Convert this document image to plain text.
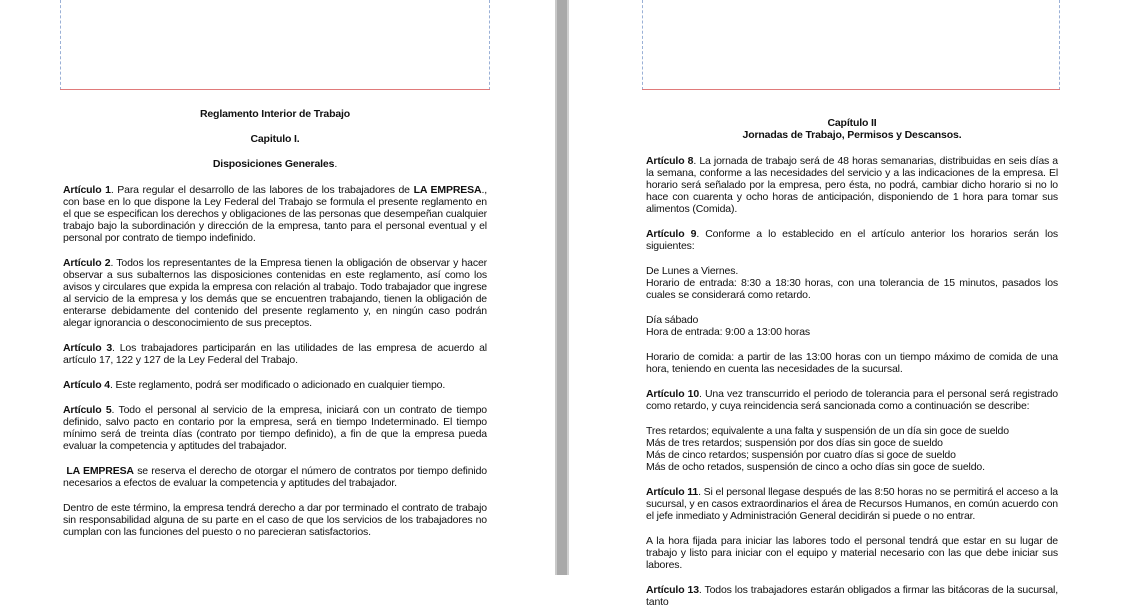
Reglamento Interior de Trabajo
Capitulo I.
Disposiciones Generales.

Artículo 1. Para regular el desarrollo de las labores de los trabajadores de LA EMPRESA., con base en lo que dispone la Ley Federal del Trabajo se formula el presente reglamento en el que se especifican los derechos y obligaciones de las personas que desempeñan cualquier trabajo bajo la subordinación y dirección de la empresa, tanto para el personal eventual y el personal por contrato de tiempo indefinido.

Artículo 2. Todos los representantes de la Empresa tienen la obligación de observar y hacer observar a sus subalternos las disposiciones contenidas en este reglamento, así como los avisos y circulares que expida la empresa con relación al trabajo. Todo trabajador que ingrese al servicio de la empresa y los demás que se encuentren trabajando, tienen la obligación de enterarse debidamente del contenido del presente reglamento y, en ningún caso podrán alegar ignorancia o desconocimiento de sus preceptos.

Artículo 3. Los trabajadores participarán en las utilidades de las empresa de acuerdo al artículo 17, 122 y 127 de la Ley Federal del Trabajo.

Artículo 4. Este reglamento, podrá ser modificado o adicionado en cualquier tiempo.

Artículo 5. Todo el personal al servicio de la empresa, iniciará con un contrato de tiempo definido, salvo pacto en contario por la empresa, será en tiempo Indeterminado. El tiempo mínimo será de treinta días (contrato por tiempo definido), a fin de que la empresa pueda evaluar la competencia y aptitudes del trabajador.

LA EMPRESA se reserva el derecho de otorgar el número de contratos por tiempo definido necesarios a efectos de evaluar la competencia y aptitudes del trabajador.

Dentro de este término, la empresa tendrá derecho a dar por terminado el contrato de trabajo sin responsabilidad alguna de su parte en el caso de que los servicios de los trabajadores no cumplan con las funciones del puesto o no parecieran satisfactorios.

Capítulo II
Jornadas de Trabajo, Permisos y Descansos.

Artículo 8. La jornada de trabajo será de 48 horas semanarias, distribuidas en seis días a la semana, conforme a las necesidades del servicio y a las indicaciones de la empresa. El horario será señalado por la empresa, pero ésta, no podrá, cambiar dicho horario si no lo hace con cuarenta y ocho horas de anticipación, disponiendo de 1 hora para tomar sus alimentos (Comida).

Artículo 9. Conforme a lo establecido en el artículo anterior los horarios serán los siguientes:

De Lunes a Viernes.

Horario de entrada: 8:30 a 18:30 horas, con una tolerancia de 15 minutos, pasados los cuales se considerará como retardo.

Día sábado

Hora de entrada: 9:00 a 13:00 horas

Horario de comida: a partir de las 13:00 horas con un tiempo máximo de comida de una hora, teniendo en cuenta las necesidades de la sucursal.

Artículo 10. Una vez transcurrido el periodo de tolerancia para el personal será registrado como retardo, y cuya reincidencia será sancionada como a continuación se describe:

Tres retardos; equivalente a una falta y suspensión de un día sin goce de sueldo

Más de tres retardos; suspensión por dos días sin goce de sueldo

Más de cinco retardos; suspensión por cuatro días si goce de sueldo

Más de ocho retados, suspensión de cinco a ocho días sin goce de sueldo.

Artículo 11. Si el personal llegase después de las 8:50 horas no se permitirá el acceso a la sucursal, y en casos extraordinarios el área de Recursos Humanos, en común acuerdo con el jefe inmediato y Administración General decidirán si puede o no entrar.

A la hora fijada para iniciar las labores todo el personal tendrá que estar en su lugar de trabajo y listo para iniciar con el equipo y material necesario con las que debe iniciar sus labores.

Artículo 13. Todos los trabajadores estarán obligados a firmar las bitácoras de la sucursal, tanto
